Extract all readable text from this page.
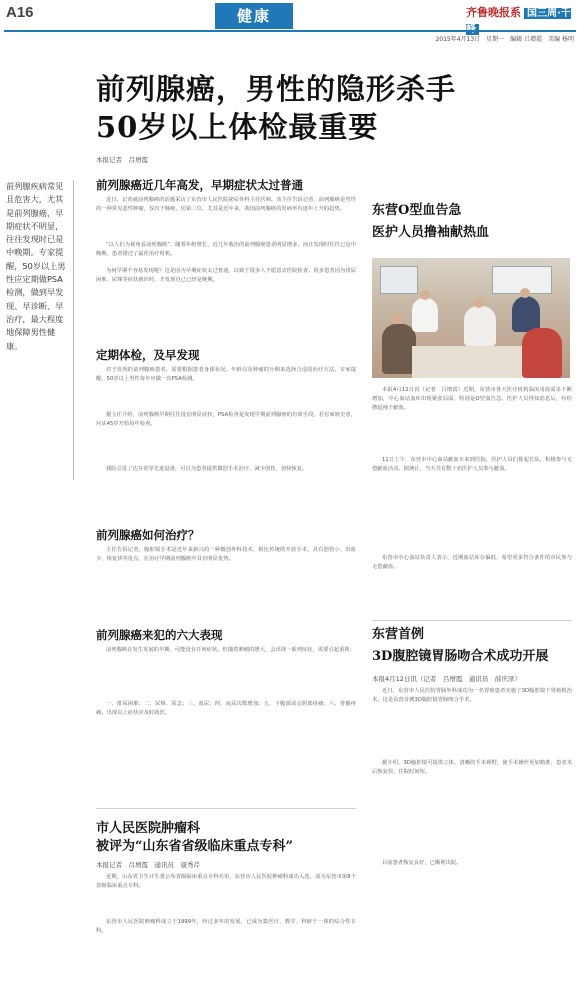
A16	健康	齐鲁晚报系 国三周·千
2015年4月13日　星期一　编辑 吕增霞　美编 杨明
前列腺癌，男性的隐形杀手
50岁以上体检最重要
本报记者　吕增霞
前列腺疾病常见且危害大，尤其是前列腺癌，早期症状不明显，往往发现时已是中晚期。专家提醒，50岁以上男性应定期做PSA检测，做到早发现、早诊断、早治疗，最大程度地保障男性健康。

前列腺癌近几年高发，早期症状太过普通

近日，记者就前列腺癌的话题采访了东营市人民医院泌尿外科主任医师。该主任告诉记者，前列腺癌是男性的一种常见恶性肿瘤，仅次于肺癌，居第二位。尤其是近年来，我国前列腺癌的发病率有逐年上升的趋势。

“以人们为视角看前列腺癌”，随着年龄增长，近几年收治的前列腺癌患者明显增多，而且发现时往往已是中晚期，患者错过了最佳治疗时机。

为何早期不容易发现呢？这是因为早期症状太过普通，以致于很多人不愿意去医院检查。很多患者因为排尿困难、尿频等症状就诊时，才发现自己已经是晚期。

定期体检，及早发现

对于发现的前列腺癌患者，需要根据患者身体状况、年龄以及肿瘤的分期来选择合适的治疗方法。专家提醒，50岁以上男性每年应做一次PSA检测。

据主任介绍，前列腺癌早期往往没有明显症状，PSA检查是发现早期前列腺癌的有效手段。若有家族史者，应从45岁开始每年检查。

我院引进了达芬奇等先进设备，可以为患者提供微创手术治疗，减少创伤，加快恢复。

前列腺癌如何治疗？

主任告诉记者，腹腔镜手术是近年来新兴的一种微创外科技术，相比传统的开放手术，具有创伤小、出血少、恢复快等优点，在治疗早期前列腺癌中具有明显优势。

前列腺癌来犯的六大表现

前列腺癌在发生发展的早期，可能没有任何症状。但随着肿瘤的增大，会出现一系列症状，需要引起重视：

一、排尿困难；二、尿频、尿急；三、血尿；四、夜尿次数增加；五、下腹部或会阴部疼痛；六、骨骼疼痛。出现以上症状应及时就医。

市人民医院肿瘤科
被评为“山东省省级临床重点专科”
本报记者　吕增霞　通讯员　康秀芹

近期，山东省卫生计生委公布省级临床重点专科名单，东营市人民医院肿瘤科成功入选，成为东营市第8个省级临床重点专科。

东营市人民医院肿瘤科成立于1999年，经过多年的发展，已成为集医疗、教学、科研于一体的综合性专科。

东营O型血告急
医护人员撸袖献热血

本报4月12日讯（记者　吕增霞）近期，东营市各大医疗机构临床用血需求不断增加，中心血站血库出现紧张局面，特别是O型血告急。医护人员得知消息后，纷纷撸起袖子献血。

11日上午，东营市中心血站献血车来到医院，医护人员们排起长队，积极参与无偿献血活动。据统计，当天共有数十名医护人员参与献血。

东营市中心血站负责人表示，近期血站库存偏低，希望更多符合条件的市民参与无偿献血。

东营首例
3D腹腔镜胃肠吻合术成功开展
本报4月12日讯（记者　吕增霞　通讯员　薛庆泽）

近日，东营市人民医院胃肠外科成功为一名胃癌患者实施了3D腹腔镜下胃癌根治术，这是东营首例3D腹腔镜胃肠吻合手术。

据介绍，3D腹腔镜可提供立体、清晰的手术视野，使手术操作更加精准，患者术后恢复快，住院时间短。

目前患者恢复良好，已顺利出院。
